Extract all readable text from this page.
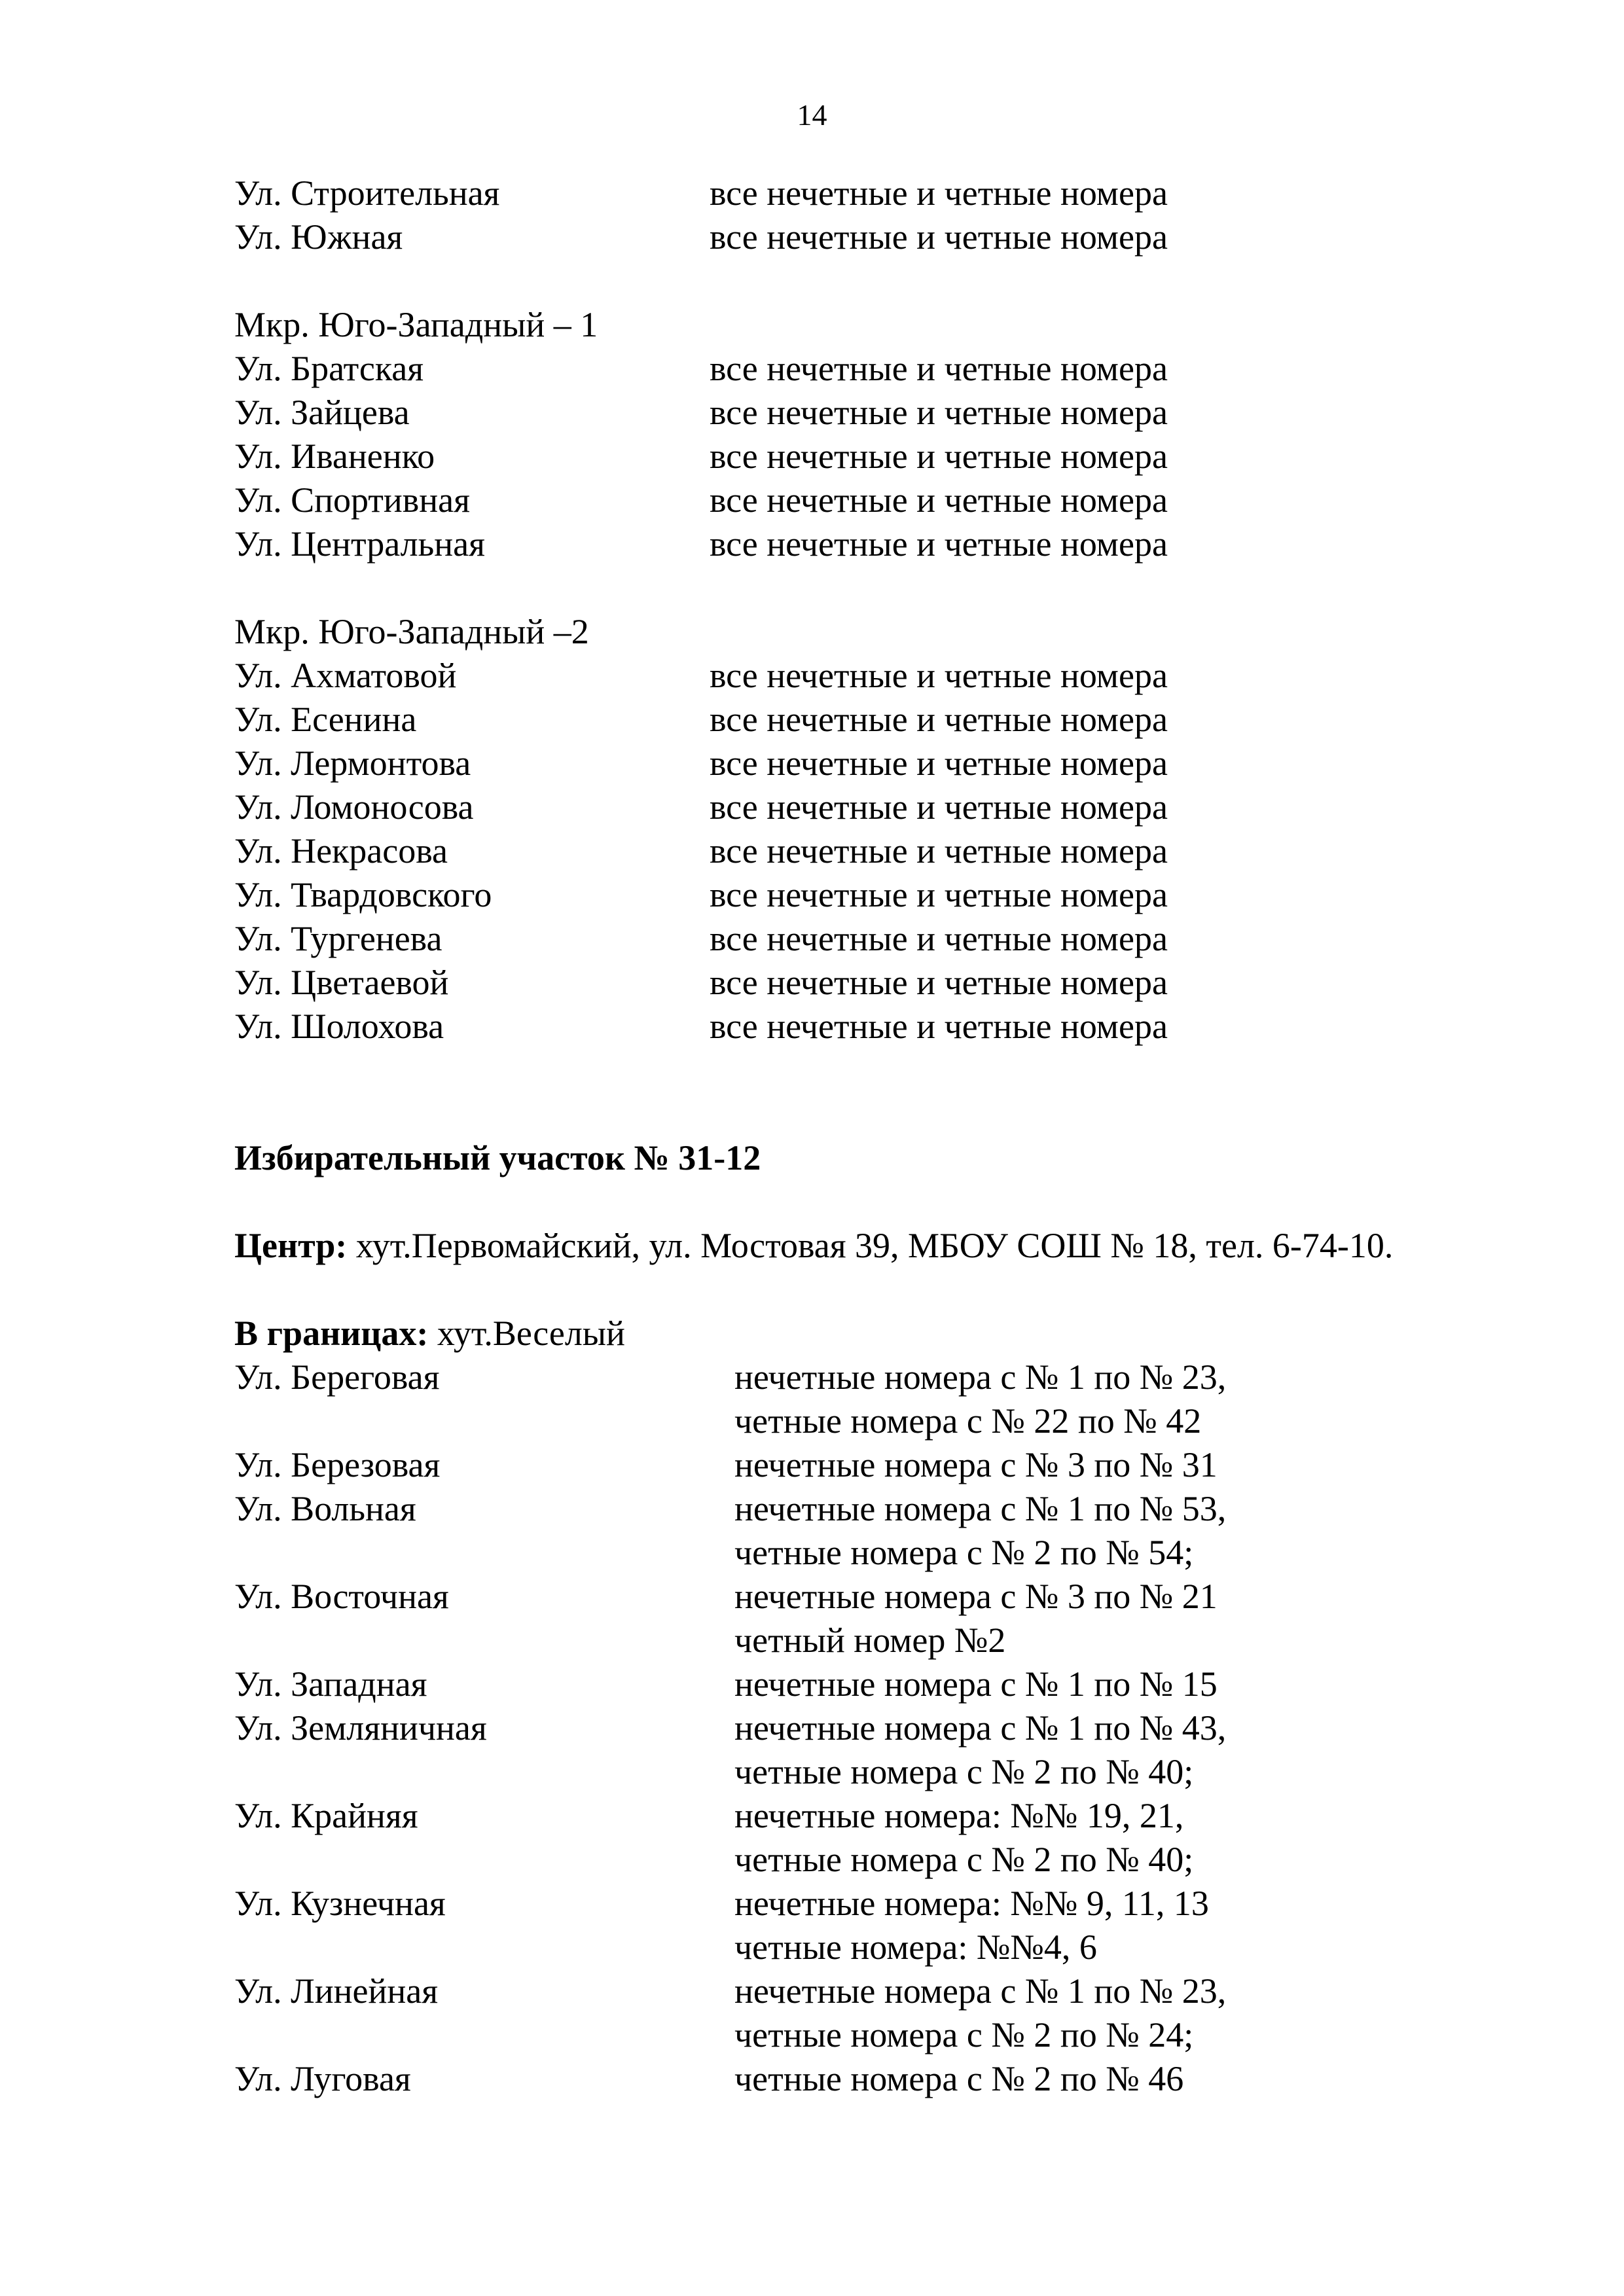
14
Ул. Строительная	все нечетные и четные номера
Ул. Южная	все нечетные и четные номера
Мкр. Юго-Западный – 1
Ул. Братская	все нечетные и четные номера
Ул. Зайцева	все нечетные и четные номера
Ул. Иваненко	все нечетные и четные номера
Ул. Спортивная	все нечетные и четные номера
Ул. Центральная	все нечетные и четные номера
Мкр. Юго-Западный –2
Ул. Ахматовой	все нечетные и четные номера
Ул. Есенина	все нечетные и четные номера
Ул. Лермонтова	все нечетные и четные номера
Ул. Ломоносова	все нечетные и четные номера
Ул. Некрасова	все нечетные и четные номера
Ул. Твардовского	все нечетные и четные номера
Ул. Тургенева	все нечетные и четные номера
Ул. Цветаевой	все нечетные и четные номера
Ул. Шолохова	все нечетные и четные номера
Избирательный участок № 31-12
Центр: хут.Первомайский, ул. Мостовая 39, МБОУ СОШ № 18, тел. 6-74-10.
В границах: хут.Веселый
Ул. Береговая	нечетные номера с № 1 по № 23,
четные номера с № 22 по № 42
Ул. Березовая	нечетные номера с № 3 по № 31
Ул. Вольная	нечетные номера с № 1 по № 53,
четные номера с № 2 по № 54;
Ул. Восточная	нечетные номера с № 3 по № 21
четный номер №2
Ул. Западная	нечетные номера с № 1 по № 15
Ул. Земляничная	нечетные номера с № 1 по № 43,
четные номера с № 2 по № 40;
Ул. Крайняя	нечетные номера: №№ 19, 21,
четные номера с № 2 по № 40;
Ул. Кузнечная	нечетные номера: №№ 9, 11, 13
четные номера: №№4, 6
Ул. Линейная	нечетные номера с № 1 по № 23,
четные номера с № 2 по № 24;
Ул. Луговая	четные номера с № 2 по № 46
